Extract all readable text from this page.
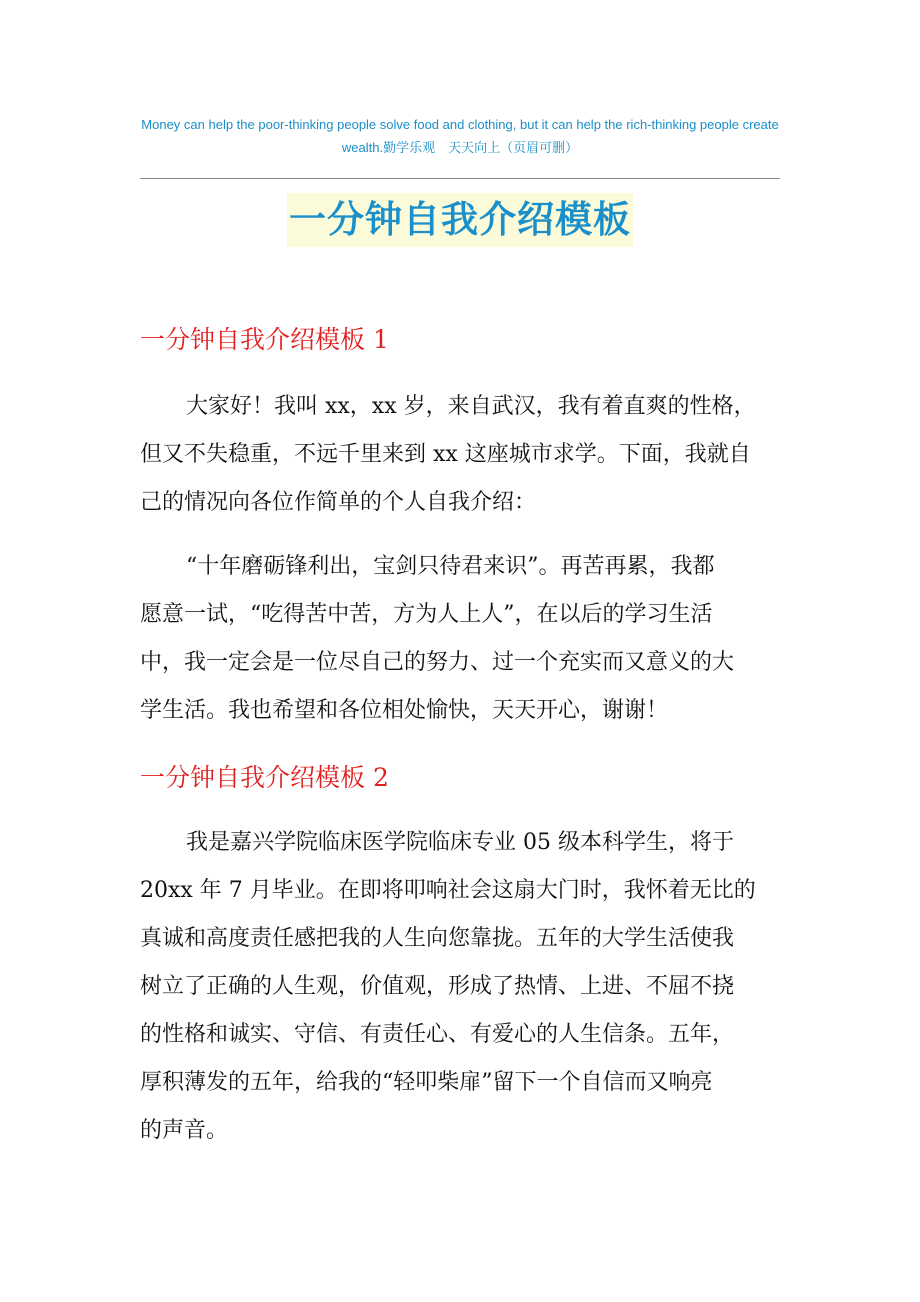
Money can help the poor-thinking people solve food and clothing, but it can help the rich-thinking people create
wealth.勤学乐观　天天向上（页眉可删）
一分钟自我介绍模板
一分钟自我介绍模板 1
大家好！我叫 xx，xx 岁，来自武汉，我有着直爽的性格，
但又不失稳重，不远千里来到 xx 这座城市求学。下面，我就自
己的情况向各位作简单的个人自我介绍：
“十年磨砺锋利出，宝剑只待君来识”。再苦再累，我都
愿意一试，“吃得苦中苦，方为人上人”，在以后的学习生活
中，我一定会是一位尽自己的努力、过一个充实而又意义的大
学生活。我也希望和各位相处愉快，天天开心，谢谢！
一分钟自我介绍模板 2
我是嘉兴学院临床医学院临床专业 05 级本科学生，将于
20xx 年 7 月毕业。在即将叩响社会这扇大门时，我怀着无比的
真诚和高度责任感把我的人生向您靠拢。五年的大学生活使我
树立了正确的人生观，价值观，形成了热情、上进、不屈不挠
的性格和诚实、守信、有责任心、有爱心的人生信条。五年，
厚积薄发的五年，给我的“轻叩柴扉”留下一个自信而又响亮
的声音。
